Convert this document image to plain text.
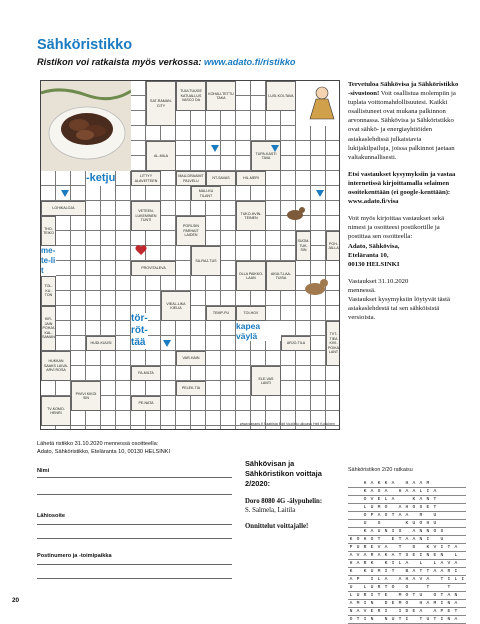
Sähköristikko
Ristikon voi ratkaista myös verkossa: www.adato.fi/ristikko
SAT-RAMAN-CITY
TUULTUUGE KATUALLUS VASCO DA
KOHAU-TETTU TAKA
LUSI-KOI-TAVA
AL-MILA
TUPA-KASTI TAVA
LITTYY ALAVIITTEEN
MAU-DRAAMIT PALVELU
NT-SAVAS	HIL-MERI
LOHIKALOJA
MALI-KU TILANT
VETEEN-LUKEMINEN TUNTI
TUKO-HVIN-TEINEN
THO-TEIKO
PORI-SIN PARHAIT LAIDEN
SUOM-TUK-SIN
POH-JALLA
SA-RAJ-TUS
TOL-KU-TON
PROVITALEVA
OLLA PAIKKO-LAAN
AKULT-LAA-TUISA
KIR-JAIN POHJA KAL-SAMAN
VIEAL-LIKA KIELIA
HUDI-KUUSI
TEMP-PU	TOI-HOV
ARJO-TILA
TVT-TIEA KIVI-POIKA LANT
HUKKAN SAAKS LAIVA-ARVI ROSA
VAR-HAIN
FA-MILTA
ELE-VAS LANTI
PIVIVI KIKOI SIN
PELEK-TIA
TV-KOMO-HENRI
PE-NATA
-ketju
me-te-lit
tör-
röt-
tää
kapea
väylä
www.sanaris.fi Saabista Edit Vuoilelu ulkoasu Heli Koskinen

Tervetuloa Sähkövisa ja Sähköristikko -sivustoon! Voit osallistua molempiin ja tuplata voittomahdollisuutesi. Kaikki osallistuneet ovat mukana palkinnon arvonnassa. Sähkövisa ja Sähköristikko ovat sähkö- ja energiayhtiöiden asiakaslehdissä julkaistavia lukijakilpailuja, joissa palkinnot jaetaan valtakunnallisesti.

Etsi vastaukset kysymyksiin ja vastaa internetissä kirjoittamalla selaimen osoitekenttään (ei google-kenttään):
www.adato.fi/visa

Voit myös kirjoittaa vastaukset sekä nimesi ja osoitteesi postikortille ja postittaa sen osoitteella:
Adato, Sähkövisa,
Eteläranta 10,
00130 HELSINKI

Vastaukset 31.10.2020
mennessä.
Vastaukset kysymyksiin löytyvät tästä asiakaslehdestä tai sen sähköisistä versioista.

Lähetä ristikko 31.10.2020 mennessä osoitteella:
Adato, Sähköristikko, Eteläranta 10, 00130 HELSINKI

Nimi
Lähiosoite
Postinumero ja -toimipaikka
Sähkövisan ja Sähköristikon voittaja 2/2020:
Doro 8080 4G -älypuhelin:
S. Salmela, Laitila
Onnittelut voittajalle!
Sähköristikon 2/20 ratkaisu
H A K K A	H A A M
K A S A	H A A L I A
O V E L A	K A N T
L U M O	A H O S E T
O P A S T A A	R	U
U	S	K U O H U
K A U N I S	A N N O S
K O H O T	E T A A N I	U
P U R E V A	T	D	K V I T A
A V A R A K A T S E I N E N	L
H A R K	K I L A	L	L A V A
K	K U M I T	B A T T A A R I
A P	I L A	A H A V A	T I L I
U	L U R T O	O	T	T
L U R I T E	M O T U	O T A N
A M I N	D E M O	H A M I N A
N A V E R I	I D E A	A P E T
O T I N	N U T I	T U T I N A
20
